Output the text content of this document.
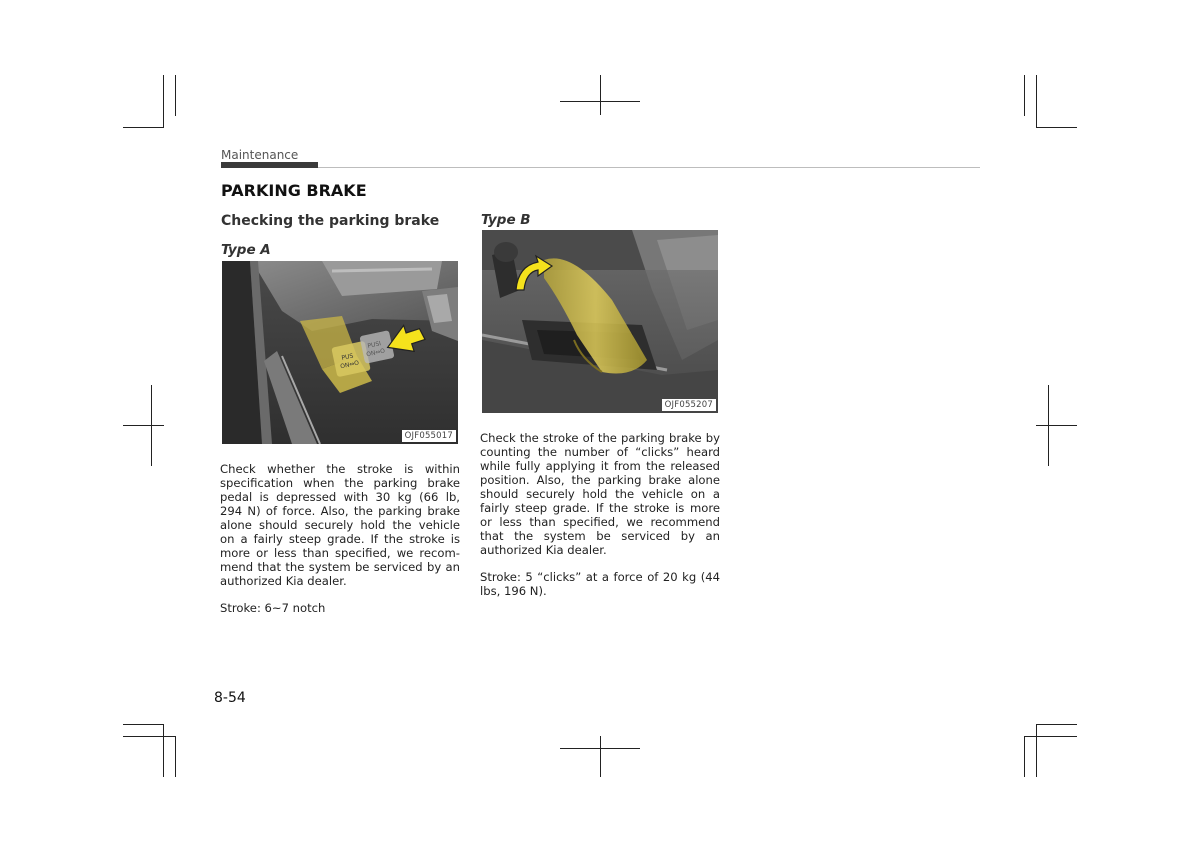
Maintenance
PARKING BRAKE
Checking the parking brake
Type A
PUS
ON⇔O
PUSI
ON⇔O
OJF055017

Check whether the stroke is within specification when the parking brake pedal is depressed with 30 kg (66 lb, 294 N) of force. Also, the parking brake alone should securely hold the vehicle on a fairly steep grade. If the stroke is more or less than specified, we recom-mend that the system be serviced by an authorized Kia dealer.

Stroke: 6~7 notch
Type B
OJF055207

Check the stroke of the parking brake by counting the number of “clicks” heard while fully applying it from the released position. Also, the parking brake alone should securely hold the vehicle on a fairly steep grade. If the stroke is more or less than specified, we recommend that the system be serviced by an authorized Kia dealer.

Stroke: 5 “clicks” at a force of 20 kg (44 lbs, 196 N).
8-54
